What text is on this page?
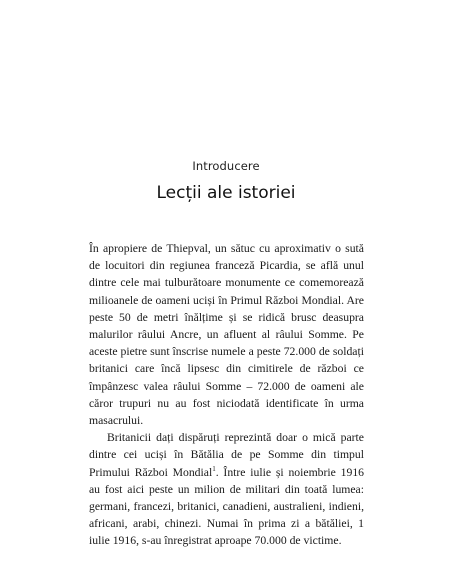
Introducere
Lecții ale istoriei

În apropiere de Thiepval, un sătuc cu aproximativ o sută de locuitori din regiunea franceză Picardia, se află unul dintre cele mai tulburătoare monumente ce comemorează milioanele de oameni uciși în Primul Război Mondial. Are peste 50 de metri înălțime și se ridică brusc deasupra malurilor râului Ancre, un afluent al râului Somme. Pe aceste pietre sunt înscrise numele a peste 72.000 de soldați britanici care încă lipsesc din cimitirele de război ce împânzesc valea râului Somme – 72.000 de oameni ale căror trupuri nu au fost niciodată identificate în urma masacrului.

Britanicii dați dispăruți reprezintă doar o mică parte dintre cei uciși în Bătălia de pe Somme din timpul Primului Război Mondial$^1$. Între iulie și noiembrie 1916 au fost aici peste un milion de militari din toată lumea: germani, francezi, britanici, canadieni, australieni, indieni, africani, arabi, chinezi. Numai în prima zi a bătăliei, 1 iulie 1916, s-au înregistrat aproape 70.000 de victime.
